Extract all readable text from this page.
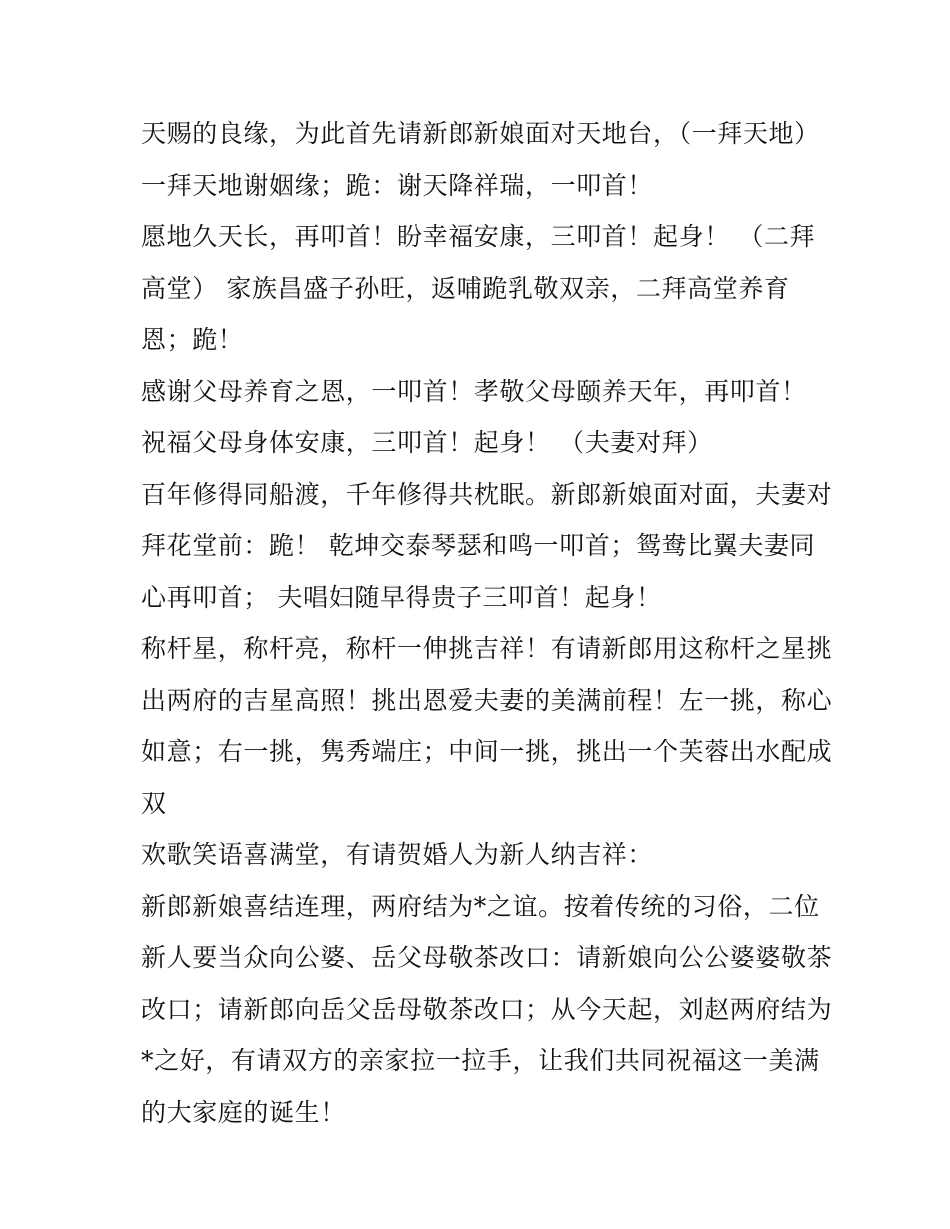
天赐的良缘，为此首先请新郎新娘面对天地台，（一拜天地）
一拜天地谢姻缘；跪：谢天降祥瑞，一叩首！
愿地久天长，再叩首！盼幸福安康，三叩首！起身！ （二拜
高堂） 家族昌盛子孙旺，返哺跪乳敬双亲，二拜高堂养育
恩；跪！
感谢父母养育之恩，一叩首！孝敬父母颐养天年，再叩首！
祝福父母身体安康，三叩首！起身！ （夫妻对拜）
百年修得同船渡，千年修得共枕眠。新郎新娘面对面，夫妻对
拜花堂前：跪！ 乾坤交泰琴瑟和鸣一叩首；鸳鸯比翼夫妻同
心再叩首； 夫唱妇随早得贵子三叩首！起身！
称杆星，称杆亮，称杆一伸挑吉祥！有请新郎用这称杆之星挑
出两府的吉星高照！挑出恩爱夫妻的美满前程！左一挑，称心
如意；右一挑，隽秀端庄；中间一挑，挑出一个芙蓉出水配成
双
欢歌笑语喜满堂，有请贺婚人为新人纳吉祥：
新郎新娘喜结连理，两府结为*之谊。按着传统的习俗，二位
新人要当众向公婆、岳父母敬茶改口：请新娘向公公婆婆敬茶
改口；请新郎向岳父岳母敬茶改口；从今天起，刘赵两府结为
*之好，有请双方的亲家拉一拉手，让我们共同祝福这一美满
的大家庭的诞生！
